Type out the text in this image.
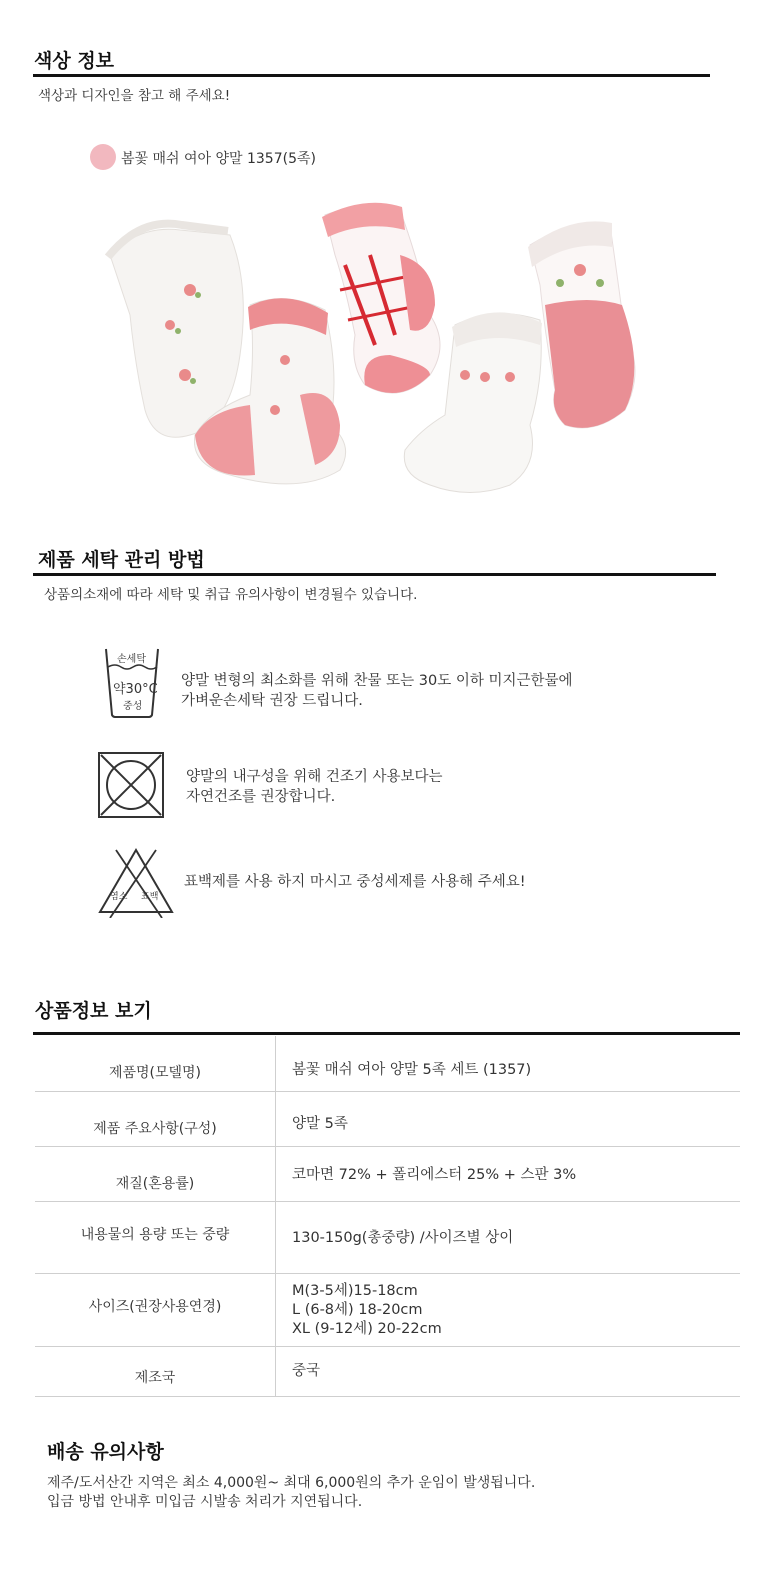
색상 정보
색상과 디자인을 참고 해 주세요!
봄꽃 매쉬 여아 양말 1357(5족)
제품 세탁 관리 방법
상품의소재에 따라 세탁 및 취급 유의사항이 변경될수 있습니다.
손세탁
약30°C
중성
양말 변형의 최소화를 위해 찬물 또는 30도 이하 미지근한물에
가벼운손세탁 권장 드립니다.
양말의 내구성을 위해 건조기 사용보다는
자연건조를 권장합니다.
염소 표백
표백제를 사용 하지 마시고 중성세제를 사용해 주세요!
상품정보 보기
제품명(모델명)	봄꽃 매쉬 여아 양말 5족 세트 (1357)
제품 주요사항(구성)	양말 5족
재질(혼용률)	코마면 72% + 폴리에스터 25% + 스판 3%
내용물의 용량 또는 중량	130-150g(총중량) /사이즈별 상이
사이즈(권장사용연경)	M(3-5세)15-18cm
L (6-8세) 18-20cm
XL (9-12세) 20-22cm

제조국	중국
배송 유의사항
제주/도서산간 지역은 최소 4,000원~ 최대 6,000원의 추가 운임이 발생됩니다.
입금 방법 안내후 미입금 시발송 처리가 지연됩니다.
